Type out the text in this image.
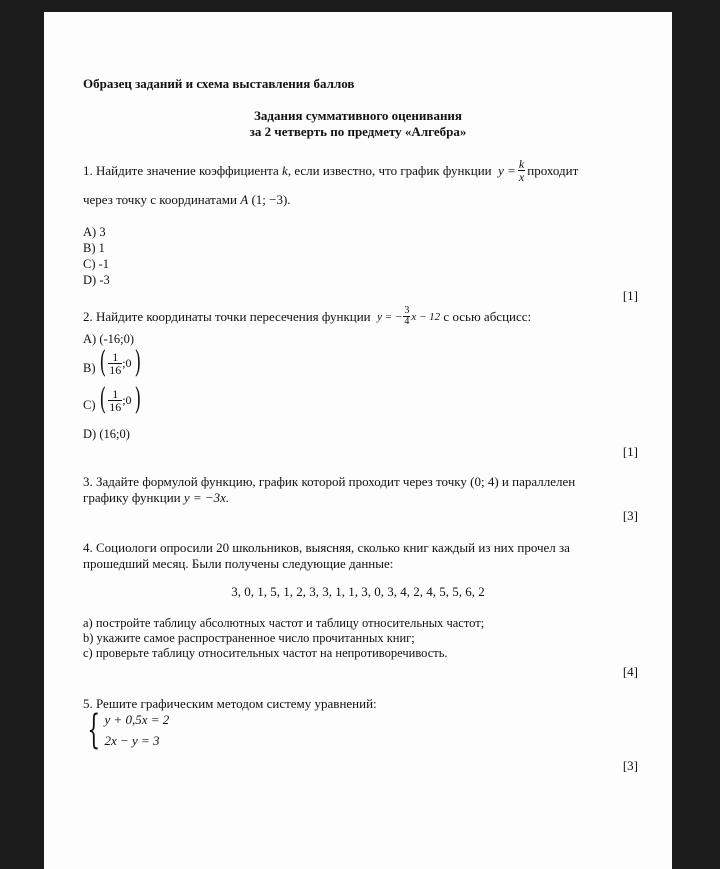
Образец заданий и схема выставления баллов
Задания суммативного оценивания
за 2 четверть по предмету «Алгебра»
1. Найдите значение коэффициента
k , если известно, что график функции
$y = \frac{k}{x}$ проходит
через точку с координатами A (1; −3).
A) 3
B) 1
C) -1
D) -3
[1]
2. Найдите координаты точки пересечения функции
y = − $\frac{3}{4}$ x − 12
с осью абсцисс:
A) (-16;0)
B) ( $\frac{1}{16}$ ;0 )
C) ( $\frac{1}{16}$ ;0 )
D) (16;0)
[1]
3. Задайте формулой функцию, график которой проходит через точку (0; 4) и параллелен
графику функции y = −3x.
[3]
4. Социологи опросили 20 школьников, выясняя, сколько книг каждый из них прочел за
прошедший месяц. Были получены следующие данные:
3, 0, 1, 5, 1, 2, 3, 3, 1, 1, 3, 0, 3, 4, 2, 4, 5, 5, 6, 2
a) постройте таблицу абсолютных частот и таблицу относительных частот;
b) укажите самое распространенное число прочитанных книг;
c) проверьте таблицу относительных частот на непротиворечивость.
[4]
5. Решите графическим методом систему уравнений:
{ y + 0,5x = 2
2x − y = 3
[3]
